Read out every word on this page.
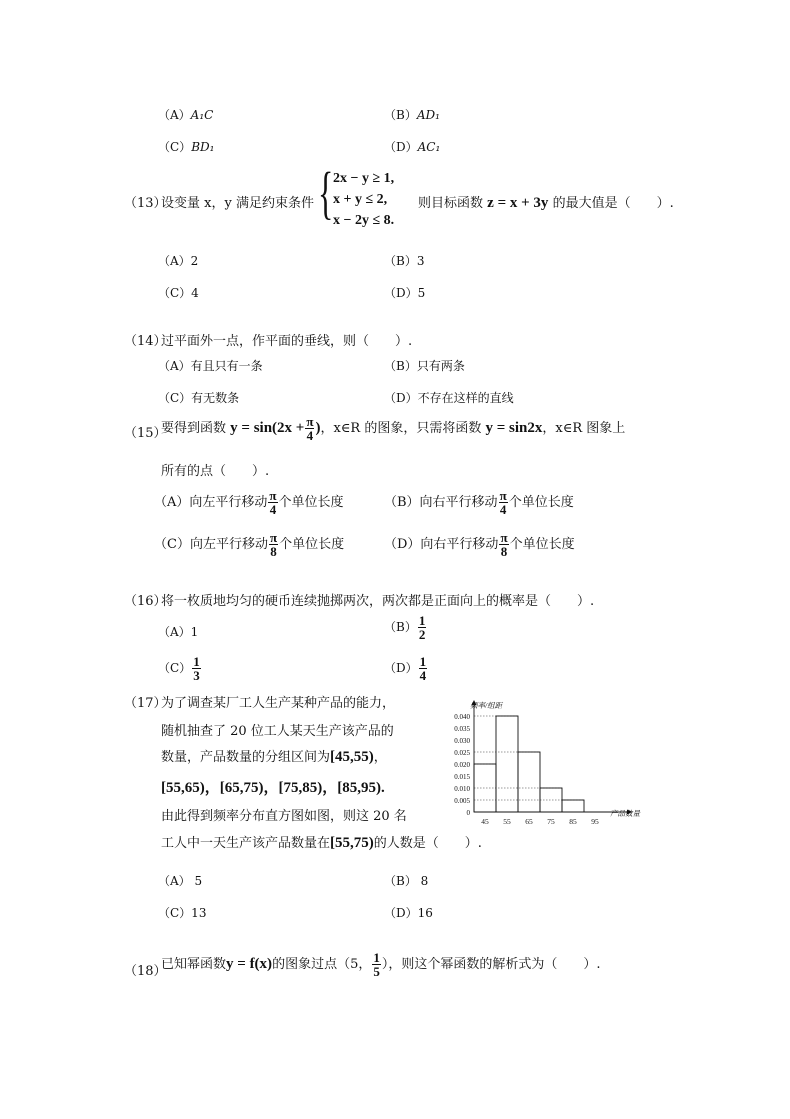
（A）A₁C	（B）AD₁
（C）BD₁	（D）AC₁
（13）
设变量 x，y 满足约束条件 { 2x − y ≥ 1,
x + y ≤ 2,
x − 2y ≤ 8.
则目标函数 z = x + 3y 的最大值是（　　）.
（A）2	（B）3
（C）4	（D）5
（14）
过平面外一点，作平面的垂线，则（　　）.
（A）有且只有一条	（B）只有两条
（C）有无数条	（D）不存在这样的直线
（15）
要得到函数 $y = \sin(2x + \frac{\pi}{4}$ )，x∈R 的图象，只需将函数 y = sin2x，x∈R 图象上
所有的点（　　）.
（A）向左平行移动 $\frac{\pi}{4}$ 个单位长度	（B）向右平行移动 $\frac{\pi}{4}$ 个单位长度
（C）向左平行移动 $\frac{\pi}{8}$ 个单位长度	（D）向右平行移动 $\frac{\pi}{8}$ 个单位长度
（16）
将一枚质地均匀的硬币连续抛掷两次，两次都是正面向上的概率是（　　）.
（A）1	$(B) \frac{1}{2}$
$(C) \frac{1}{3}$	$(D) \frac{1}{4}$
（17）
为了调查某厂工人生产某种产品的能力，
随机抽查了 20 位工人某天生产该产品的
数量，产品数量的分组区间为[45,55)，
[55,65)，[65,75)，[75,85)，[85,95).
由此得到频率分布直方图如图，则这 20 名
工人中一天生产该产品数量在[55,75)的人数是（　　）.
（A） 5	（B） 8
（C）13	（D）16
0
0.005
0.010
0.015
0.020
0.025
0.030
0.035
0.040
45 55 65 75 85 95
频率/组距
产品数量
（18）
已知幂函数y = f(x)的图象过点（5， $\frac{1}{5}$ ），则这个幂函数的解析式为（　　）.
